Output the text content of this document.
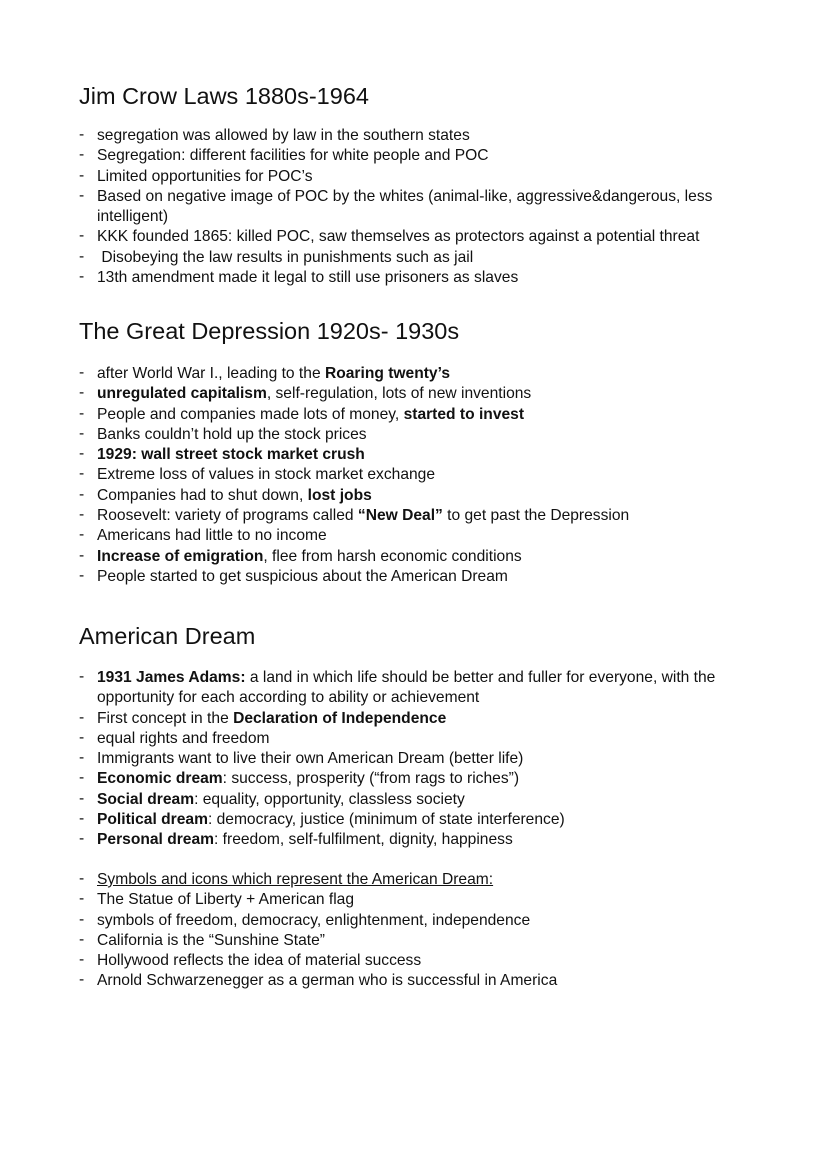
Jim Crow Laws 1880s-1964
- segregation was allowed by law in the southern states
- Segregation: different facilities for white people and POC
- Limited opportunities for POC’s
- Based on negative image of POC by the whites (animal-like, aggressive&dangerous, less intelligent)
- KKK founded 1865: killed POC, saw themselves as protectors against a potential threat
- Disobeying the law results in punishments such as jail
- 13th amendment made it legal to still use prisoners as slaves
The Great Depression 1920s- 1930s
- after World War I., leading to the Roaring twenty’s
- unregulated capitalism, self-regulation, lots of new inventions
- People and companies made lots of money, started to invest
- Banks couldn’t hold up the stock prices
- 1929: wall street stock market crush
- Extreme loss of values in stock market exchange
- Companies had to shut down, lost jobs
- Roosevelt: variety of programs called “New Deal” to get past the Depression
- Americans had little to no income
- Increase of emigration, flee from harsh economic conditions
- People started to get suspicious about the American Dream
American Dream
- 1931 James Adams: a land in which life should be better and fuller for everyone, with the opportunity for each according to ability or achievement
- First concept in the Declaration of Independence
- equal rights and freedom
- Immigrants want to live their own American Dream (better life)
- Economic dream: success, prosperity (“from rags to riches”)
- Social dream: equality, opportunity, classless society
- Political dream: democracy, justice (minimum of state interference)
- Personal dream: freedom, self-fulfilment, dignity, happiness
- Symbols and icons which represent the American Dream:
- The Statue of Liberty + American flag
- symbols of freedom, democracy, enlightenment, independence
- California is the “Sunshine State”
- Hollywood reflects the idea of material success
- Arnold Schwarzenegger as a german who is successful in America
